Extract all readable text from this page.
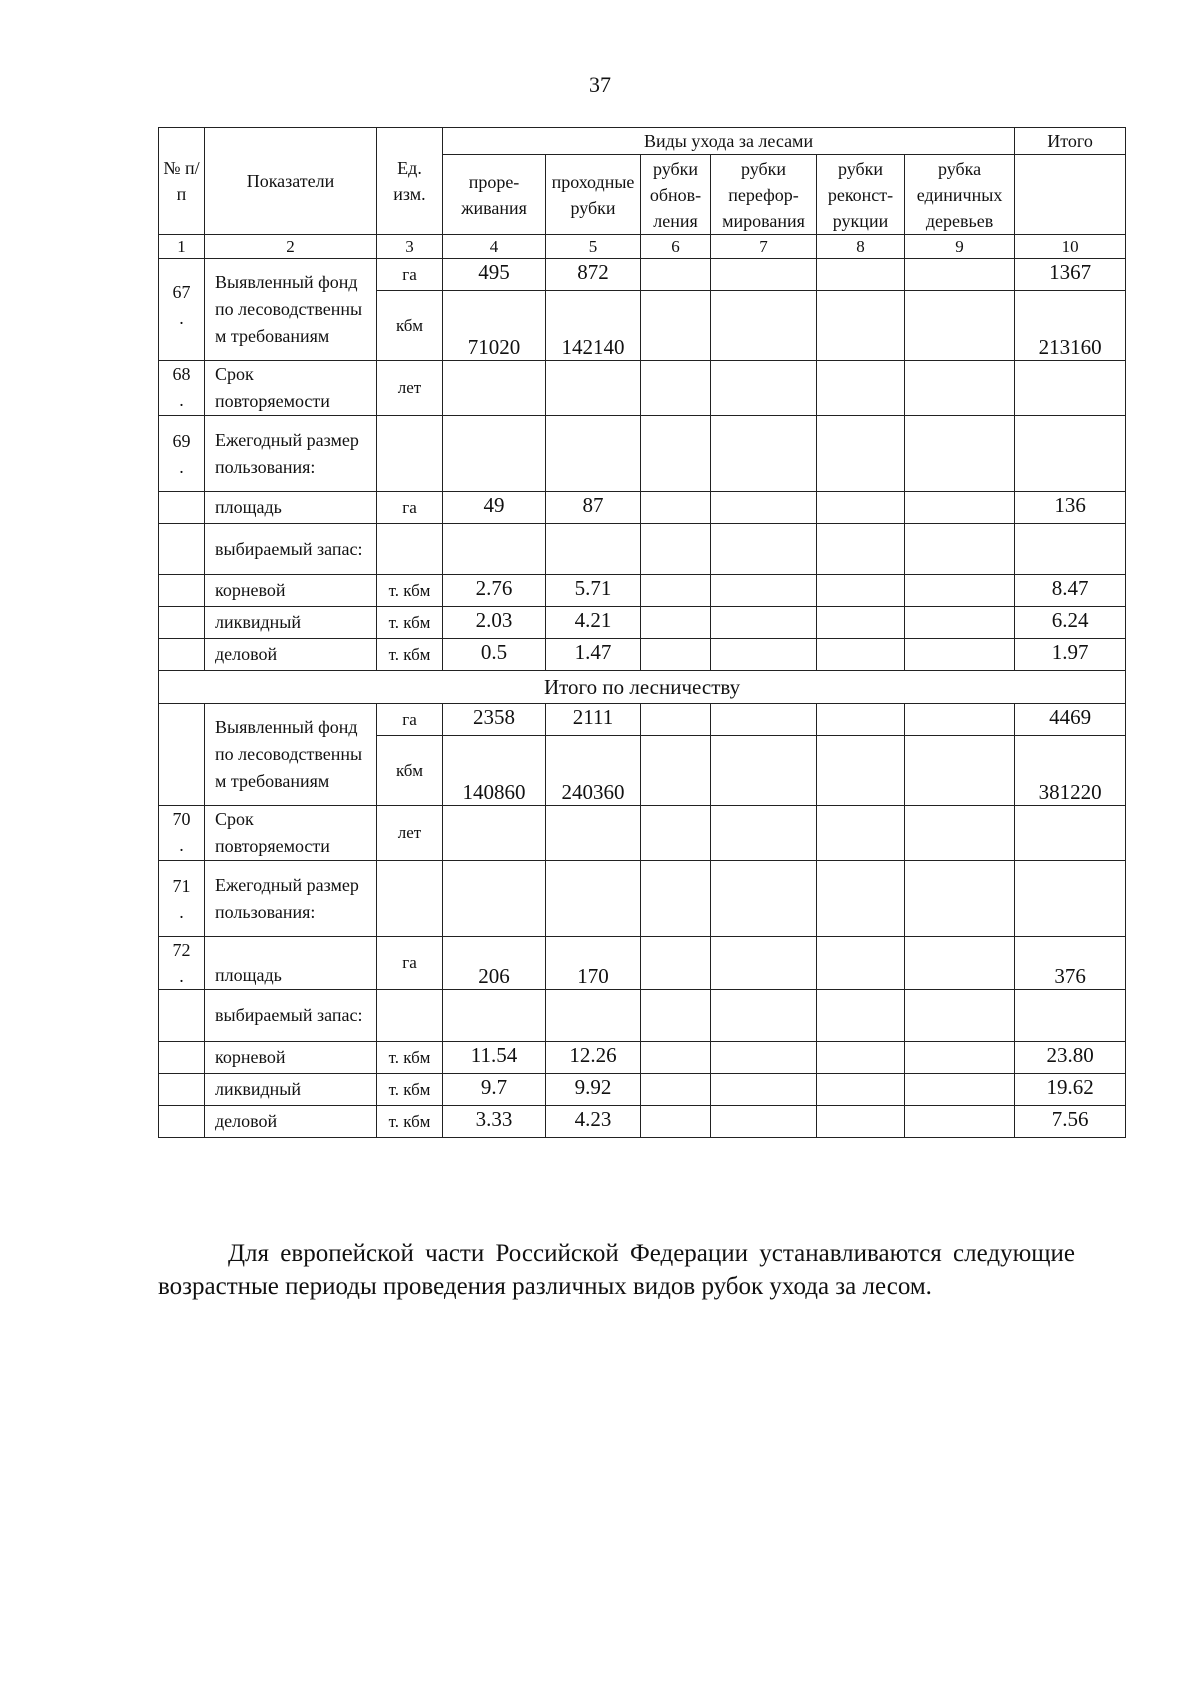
37
№ п/п	Показатели	Ед. изм.	Виды ухода за лесами						Итого
			проре-живания	проходные рубки	рубки обнов-ления	рубки перефор-мирования	рубки реконст-рукции	рубка единичных деревьев	
1	2	3	4	5	6	7	8	9	10
67
.	Выявленный фонд по лесоводственны м требованиям	га	495	872					1367
		кбм	71020	142140					213160
68
.	Срок повторяемости	лет							
69
.	Ежегодный размер пользования:								
	площадь	га	49	87					136
	выбираемый запас:								
	корневой	т. кбм	2.76	5.71					8.47
	ликвидный	т. кбм	2.03	4.21					6.24
	деловой	т. кбм	0.5	1.47					1.97
Итого по лесничеству									
	Выявленный фонд по лесоводственны м требованиям	га	2358	2111					4469
		кбм	140860	240360					381220
70
.	Срок повторяемости	лет							
71
.	Ежегодный размер пользования:								
72
.	площадь	га	206	170					376
	выбираемый запас:								
	корневой	т. кбм	11.54	12.26					23.80
	ликвидный	т. кбм	9.7	9.92					19.62
	деловой	т. кбм	3.33	4.23					7.56

Для европейской части Российской Федерации устанавливаются следующие возрастные периоды проведения различных видов рубок ухода за лесом.
